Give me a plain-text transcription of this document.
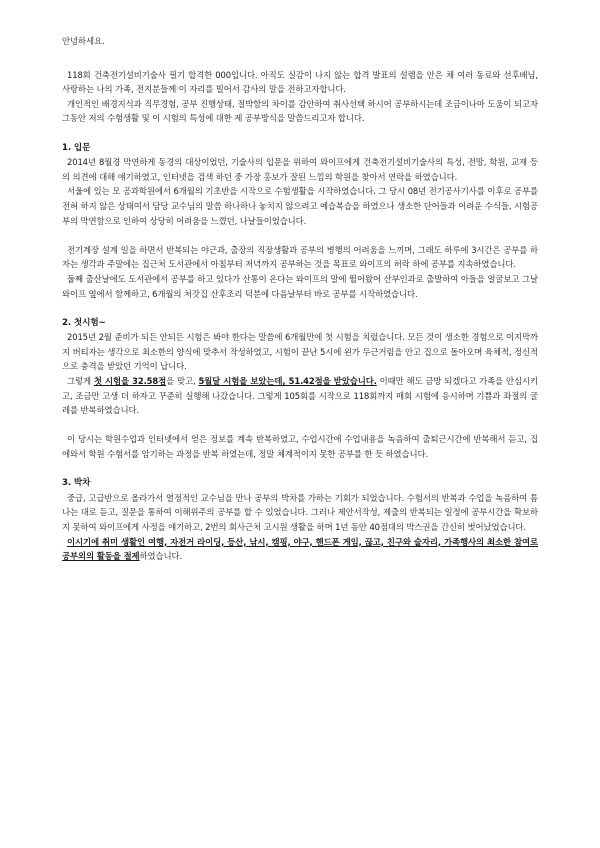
안녕하세요.

118회 건축전기설비기술사 필기 합격한 000입니다. 아직도 실감이 나지 않는 합격 발표의 설렘을 안은 채 여러 동료와 선후배님, 사랑하는 나의 가족, 전지분들께 이 자리를 빌어서 감사의 말을 전하고자합니다.

개인적인 배경지식과 직무경험, 공부 진행상태, 절박함의 차이를 감안하여 취사선택 하시어 공부하시는데 조금이나마 도움이 되고자 그동안 저의 수험생활 및 이 시험의 특성에 대한 제 공부방식을 말씀드리고자 합니다.

1. 입문

2014년 8월경 막연하게 동경의 대상이었던, 기술사의 입문을 위하여 와이프에게 건축전기설비기술사의 특성, 전망, 학원, 교재 등의 의견에 대해 얘기하였고, 인터넷을 검색 하던 중 가장 홍보가 잘된 느낌의 학원을 찾아서 연락을 하였습니다.

서울에 있는 모 공과학원에서 6개월의 기초반을 시작으로 수험생활을 시작하였습니다. 그 당시 08년 전기공사기사를 이후로 공부를 전혀 하지 않은 상태여서 담당 교수님의 말씀 하나하나 놓치지 않으려고 예습복습을 하였으나 생소한 단어들과 어려운 수식들, 시험공부의 막연함으로 인하여 상당히 어려움을 느꼈던, 나날들이었습니다.

전기계장 설계 일을 하면서 반복되는 야근과, 출장의 직장생활과 공부의 병행의 어려움을 느끼며, 그래도 하루에 3시간은 공부를 하자는 생각과 주말에는 집근처 도서관에서 아침부터 저녁까지 공부하는 것을 목표로 와이프의 허락 하에 공부를 지속하였습니다.

둘째 출산날에도 도서관에서 공부를 하고 있다가 산통이 온다는 와이프의 말에 뛸어왔어 산부인과로 출발하여 아들을 얼굴보고 그날 와이프 옆에서 함께하고, 6개월의 처갓집 산후조리 덕분에 다음날부터 바로 공부를 시작하였습니다.

2. 첫시험~

2015년 2월 준비가 되든 안되든 시험은 봐야 한다는 말씀에 6개월만에 첫 시험을 치렀습니다. 모든 것이 생소한 경험으로 이지막까지 버티자는 생각으로 최소한의 양식에 맞추서 작성하였고, 시험이 끝난 5시에 왼가 두근거림을 안고 집으로 돌아오며 육체적, 정신적으로 충격을 받았던 기억이 납니다.

그렇게 첫 시험을 32.58점을 맞고, 5월달 시험을 보았는데, 51.42점을 받았습니다. 이때만 해도 금방 되겠다고 가족을 안심시키고, 조금만 고생 더 하자고 꾸준히 실행해 나갔습니다. 그렇게 105회를 시작으로 118회까지 매회 시험에 응시하며 기쁨과 좌절의 굴레를 반복하였습니다.

이 당시는 학원수업과 인터넷에서 얻은 정보를 계속 반복하였고, 수업시간에 수업내용을 녹음하여 출퇴근시간에 반복해서 듣고, 집에와서 학원 수험서를 암기하는 과정을 반복 하였는데, 정말 체계적이지 못한 공부를 한 듯 하였습니다.

3. 박차

중급, 고급반으로 올라가서 열정적인 교수님을 만나 공부의 박차를 가하는 기회가 되었습니다. 수험서의 반복과 수업을 녹음하여 틈나는 대로 듣고, 질문을 통하여 이해위주의 공부를 할 수 있었습니다. 그러나 제안서작성, 제출의 반복되는 일정에 공부시간을 확보하지 못하여 와이프에게 사정을 얘기하고, 2번의 회사근처 고시원 생활을 하며 1년 동안 40점대의 박스권을 간신히 벗어났었습니다.

이시기에 취미 생활인 여행, 자전거 라이딩, 등산, 낚시, 캠핑, 야구, 핸드폰 게임, 끊고, 친구와 술자리, 가족행사의 최소한 참여로 공부외의 활동을 절제하였습니다.
